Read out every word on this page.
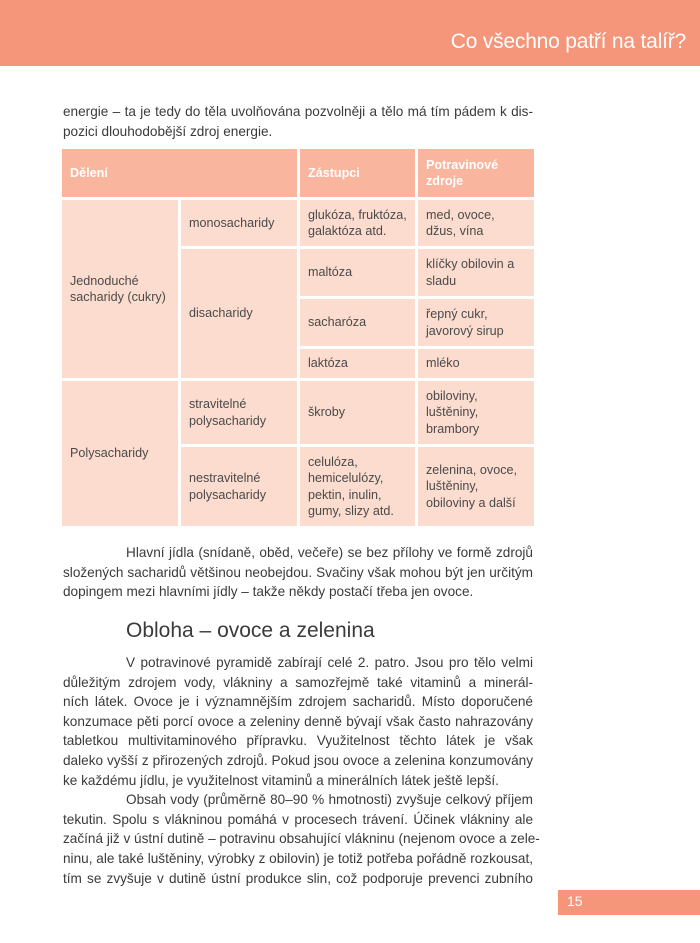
Co všechno patří na talíř?
energie – ta je tedy do těla uvolňována pozvolněji a tělo má tím pádem k dis-
pozici dlouhodobější zdroj energie.
Dělení	Zástupci
Potravinové zdroje
Jednoduché sacharidy (cukry)
Polysacharidy
monosacharidy
disacharidy
stravitelné polysacharidy
nestravitelné polysacharidy
glukóza, fruktóza, galaktóza atd.
med, ovoce, džus, vína
maltóza
klíčky obilovin a sladu
sacharóza
řepný cukr, javorový sirup
laktóza	mléko
škroby
obiloviny, luštěniny, brambory
celulóza, hemicelulózy, pektin, inulin, gumy, slizy atd.
zelenina, ovoce, luštěniny, obiloviny a další
Hlavní jídla (snídaně, oběd, večeře) se bez přílohy ve formě zdrojů
složených sacharidů většinou neobejdou. Svačiny však mohou být jen určitým
dopingem mezi hlavními jídly – takže někdy postačí třeba jen ovoce.
Obloha – ovoce a zelenina
V potravinové pyramidě zabírají celé 2. patro. Jsou pro tělo velmi
důležitým zdrojem vody, vlákniny a samozřejmě také vitaminů a minerál-
ních látek. Ovoce je i významnějším zdrojem sacharidů. Místo doporučené
konzumace pěti porcí ovoce a zeleniny denně bývají však často nahrazovány
tabletkou multivitaminového přípravku. Využitelnost těchto látek je však
daleko vyšší z přirozených zdrojů. Pokud jsou ovoce a zelenina konzumovány
ke každému jídlu, je využitelnost vitaminů a minerálních látek ještě lepší.
Obsah vody (průměrně 80–90 % hmotnosti) zvyšuje celkový příjem
tekutin. Spolu s vlákninou pomáhá v procesech trávení. Účinek vlákniny ale
začíná již v ústní dutině – potravinu obsahující vlákninu (nejenom ovoce a zele-
ninu, ale také luštěniny, výrobky z obilovin) je totiž potřeba pořádně rozkousat,
tím se zvyšuje v dutině ústní produkce slin, což podporuje prevenci zubního
15
